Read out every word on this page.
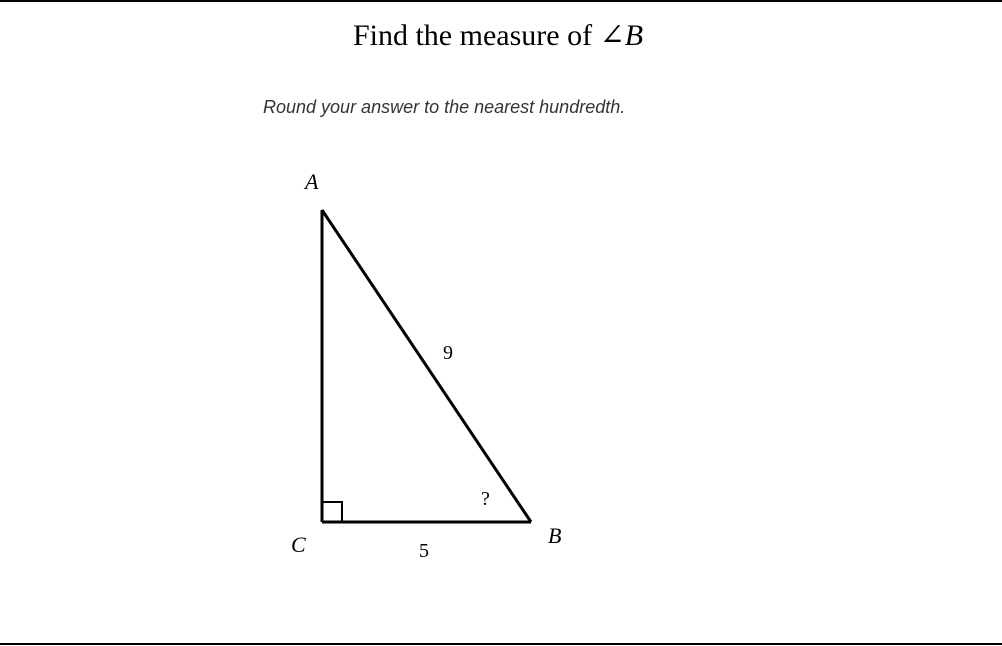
Find the measure of ∠B
Round your answer to the nearest hundredth.
A
C	B
9
5
?
